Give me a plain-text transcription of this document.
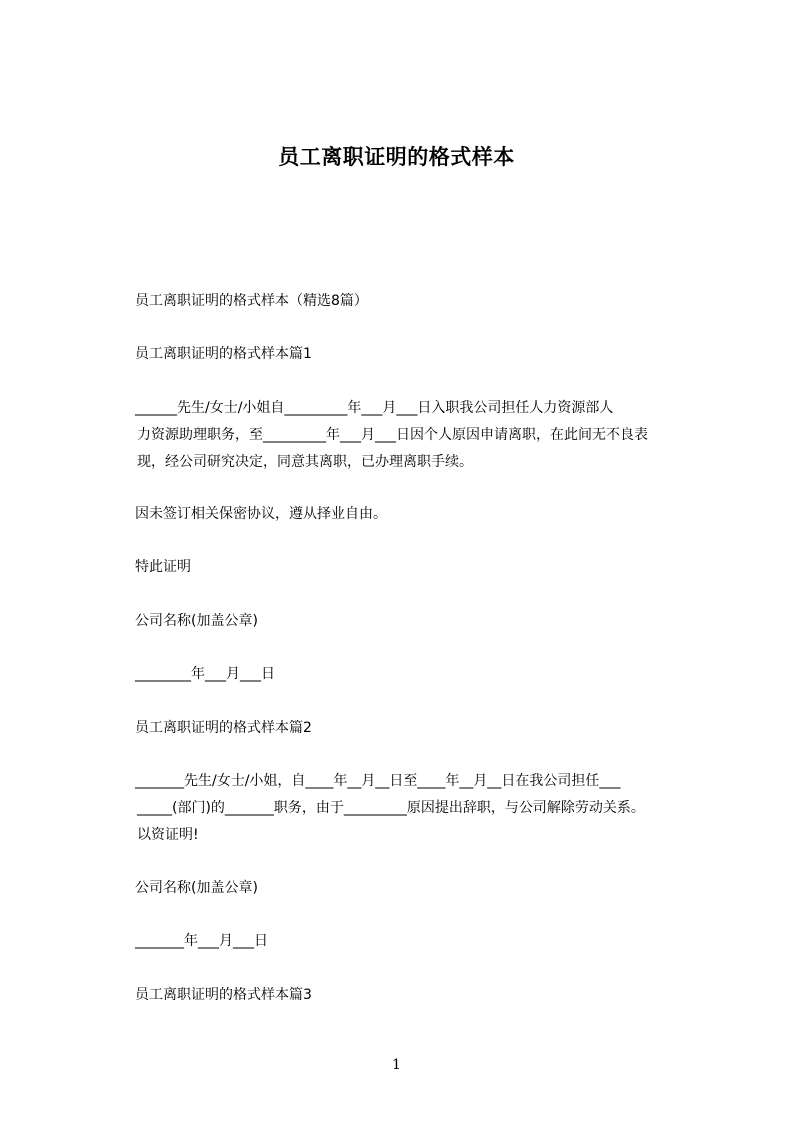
员工离职证明的格式样本
员工离职证明的格式样本（精选8篇）
员工离职证明的格式样本篇1
______先生/女士/小姐自_________年___月___日入职我公司担任人力资源部人
力资源助理职务，至_________年___月___日因个人原因申请离职，在此间无不良表
现，经公司研究决定，同意其离职，已办理离职手续。
因未签订相关保密协议，遵从择业自由。
特此证明
公司名称(加盖公章)
________年___月___日
员工离职证明的格式样本篇2
_______先生/女士/小姐，自____年__月__日至____年__月__日在我公司担任___
_____(部门)的_______职务，由于_________原因提出辞职，与公司解除劳动关系。
以资证明!
公司名称(加盖公章)
_______年___月___日
员工离职证明的格式样本篇3
1
